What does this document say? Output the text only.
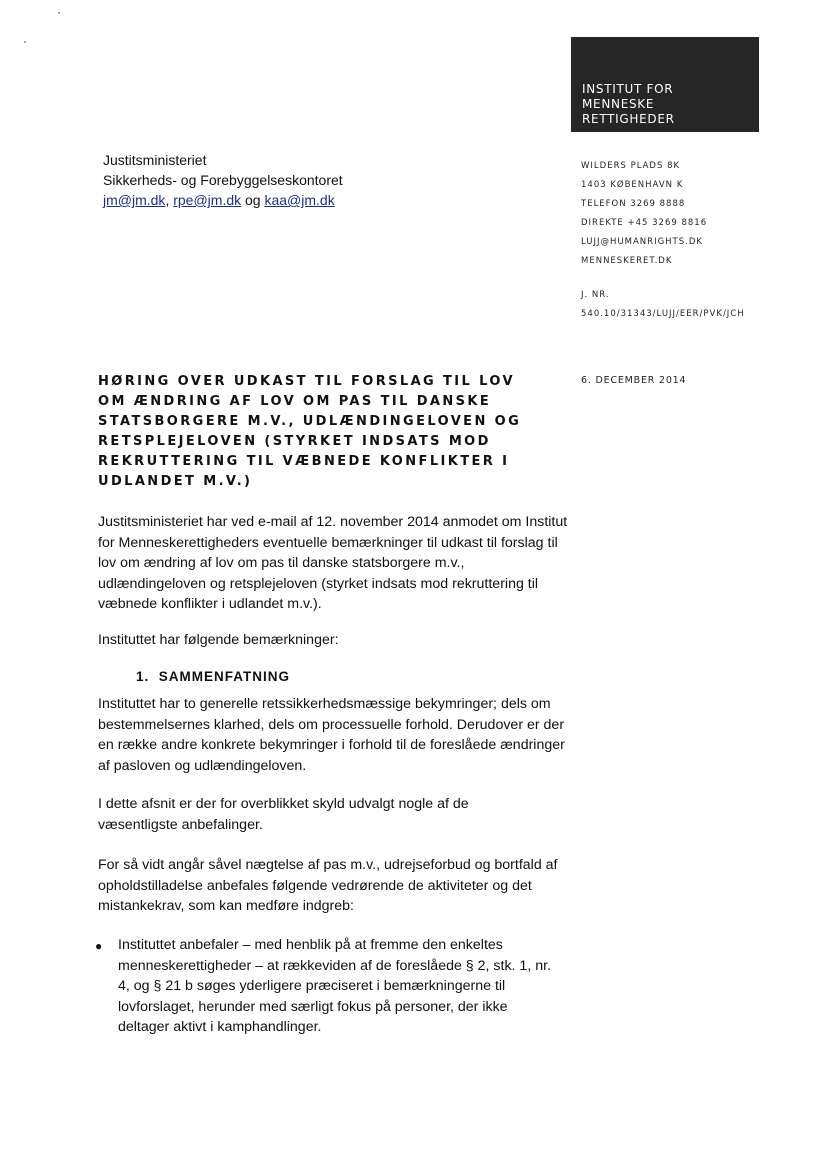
INSTITUT FOR
MENNESKE
RETTIGHEDER
Justitsministeriet
Sikkerheds- og Forebyggelseskontoret
jm@jm.dk, rpe@jm.dk og kaa@jm.dk
WILDERS PLADS 8K
1403 KØBENHAVN K
TELEFON 3269 8888
DIREKTE +45 3269 8816
LUJJ@HUMANRIGHTS.DK
MENNESKERET.DK
J. NR.
540.10/31343/LUJJ/EER/PVK/JCH
6. DECEMBER 2014
HØRING OVER UDKAST TIL FORSLAG TIL LOV OM ÆNDRING AF LOV OM PAS TIL DANSKE STATSBORGERE M.V., UDLÆNDINGELOVEN OG RETSPLEJELOVEN (STYRKET INDSATS MOD REKRUTTERING TIL VÆBNEDE KONFLIKTER I UDLANDET M.V.)
Justitsministeriet har ved e-mail af 12. november 2014 anmodet om Institut for Menneskerettigheders eventuelle bemærkninger til udkast til forslag til lov om ændring af lov om pas til danske statsborgere m.v., udlændingeloven og retsplejeloven (styrket indsats mod rekruttering til væbnede konflikter i udlandet m.v.).
Instituttet har følgende bemærkninger:
1.  SAMMENFATNING
Instituttet har to generelle retssikkerhedsmæssige bekymringer; dels om bestemmelsernes klarhed, dels om processuelle forhold. Derudover er der en række andre konkrete bekymringer i forhold til de foreslåede ændringer af pasloven og udlændingeloven.
I dette afsnit er der for overblikket skyld udvalgt nogle af de væsentligste anbefalinger.
For så vidt angår såvel nægtelse af pas m.v., udrejseforbud og bortfald af opholdstilladelse anbefales følgende vedrørende de aktiviteter og det mistankekrav, som kan medføre indgreb:
●	Instituttet anbefaler – med henblik på at fremme den enkeltes menneskerettigheder – at rækkeviden af de foreslåede § 2, stk. 1, nr. 4, og § 21 b søges yderligere præciseret i bemærkningerne til lovforslaget, herunder med særligt fokus på personer, der ikke deltager aktivt i kamphandlinger.
